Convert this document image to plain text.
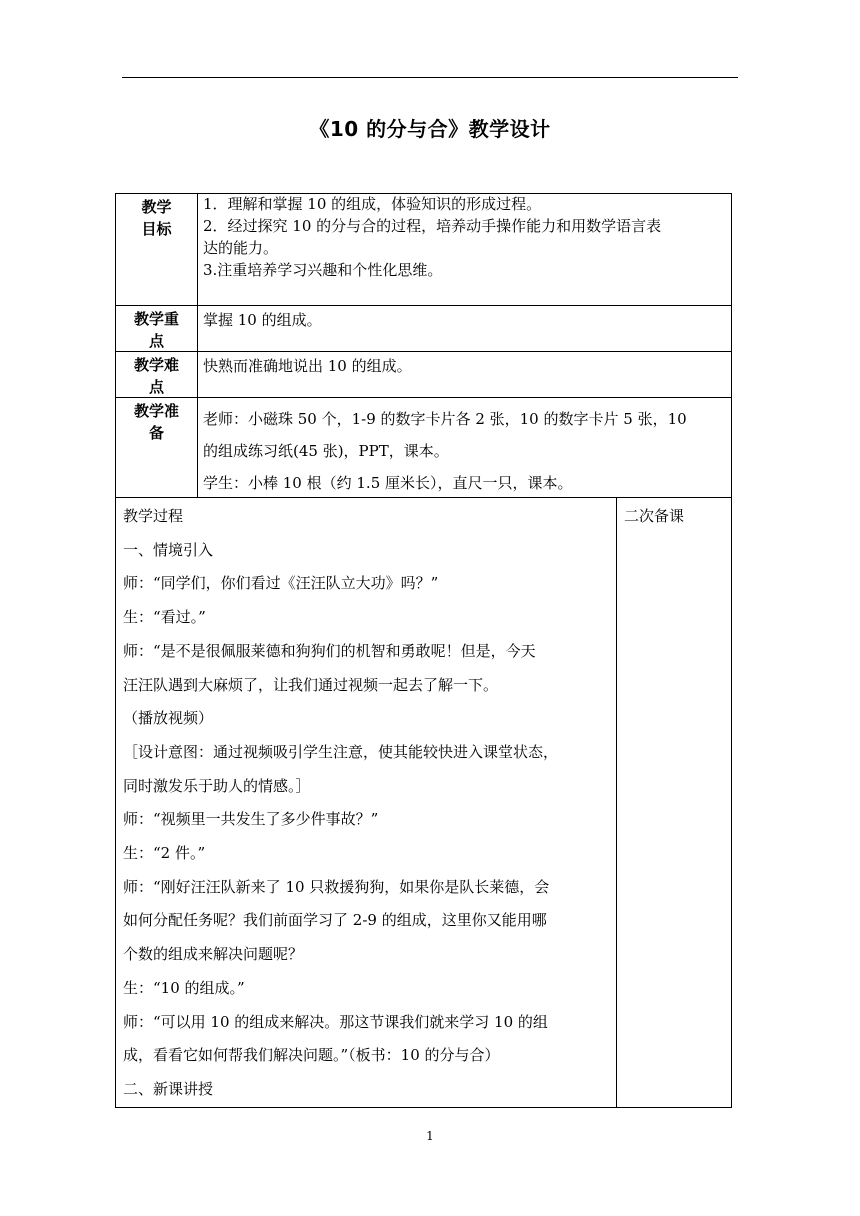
《10 的分与合》教学设计
教学
目标
1．理解和掌握 10 的组成，体验知识的形成过程。
2．经过探究 10 的分与合的过程，培养动手操作能力和用数学语言表
达的能力。
3.注重培养学习兴趣和个性化思维。
教学重
点
掌握 10 的组成。
教学难
点
快熟而准确地说出 10 的组成。
教学准
备
老师：小磁珠 50 个，1-9 的数字卡片各 2 张，10 的数字卡片 5 张，10
的组成练习纸(45 张)，PPT，课本。
学生：小棒 10 根（约 1.5 厘米长），直尺一只，课本。
教学过程
一、情境引入
师：“同学们，你们看过《汪汪队立大功》吗？”
生：“看过。”
师：“是不是很佩服莱德和狗狗们的机智和勇敢呢！但是，今天
汪汪队遇到大麻烦了，让我们通过视频一起去了解一下。
（播放视频）
［设计意图：通过视频吸引学生注意，使其能较快进入课堂状态，
同时激发乐于助人的情感。］
师：“视频里一共发生了多少件事故？”
生：“2 件。”
师：“刚好汪汪队新来了 10 只救援狗狗，如果你是队长莱德，会
如何分配任务呢？我们前面学习了 2-9 的组成，这里你又能用哪
个数的组成来解决问题呢？
生：“10 的组成。”
师：“可以用 10 的组成来解决。那这节课我们就来学习 10 的组
成，看看它如何帮我们解决问题。”（板书：10 的分与合）
二、新课讲授
二次备课
1
